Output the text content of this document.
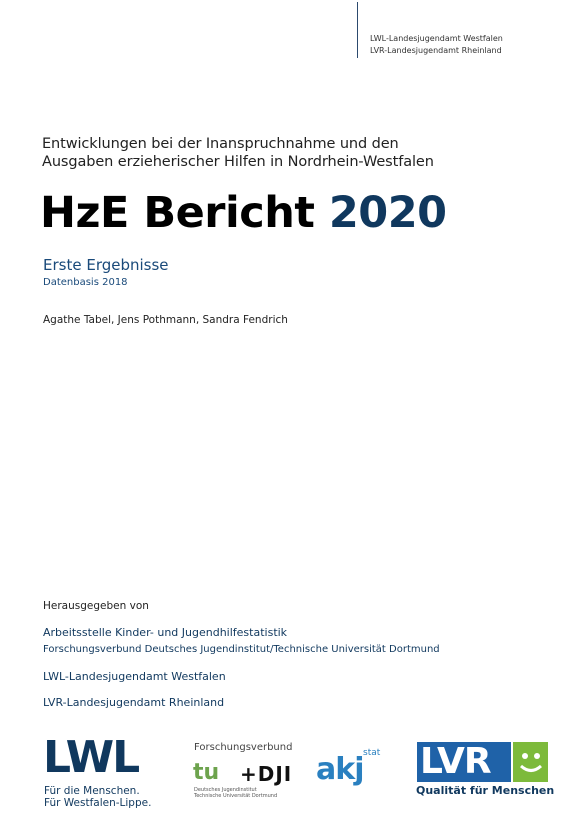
LWL-Landesjugendamt Westfalen
LVR-Landesjugendamt Rheinland
Entwicklungen bei der Inanspruchnahme und den
Ausgaben erzieherischer Hilfen in Nordrhein-Westfalen
HzE Bericht 2020
Erste Ergebnisse
Datenbasis 2018
Agathe Tabel, Jens Pothmann, Sandra Fendrich
Herausgegeben von
Arbeitsstelle Kinder- und Jugendhilfestatistik
Forschungsverbund Deutsches Jugendinstitut/Technische Universität Dortmund
LWL-Landesjugendamt Westfalen
LVR-Landesjugendamt Rheinland
LWL
Für die Menschen.
Für Westfalen-Lippe.
Forschungsverbund
tu +DJI
Deutsches Jugendinstitut
Technische Universität Dortmund
akj stat LVR
Qualität für Menschen
